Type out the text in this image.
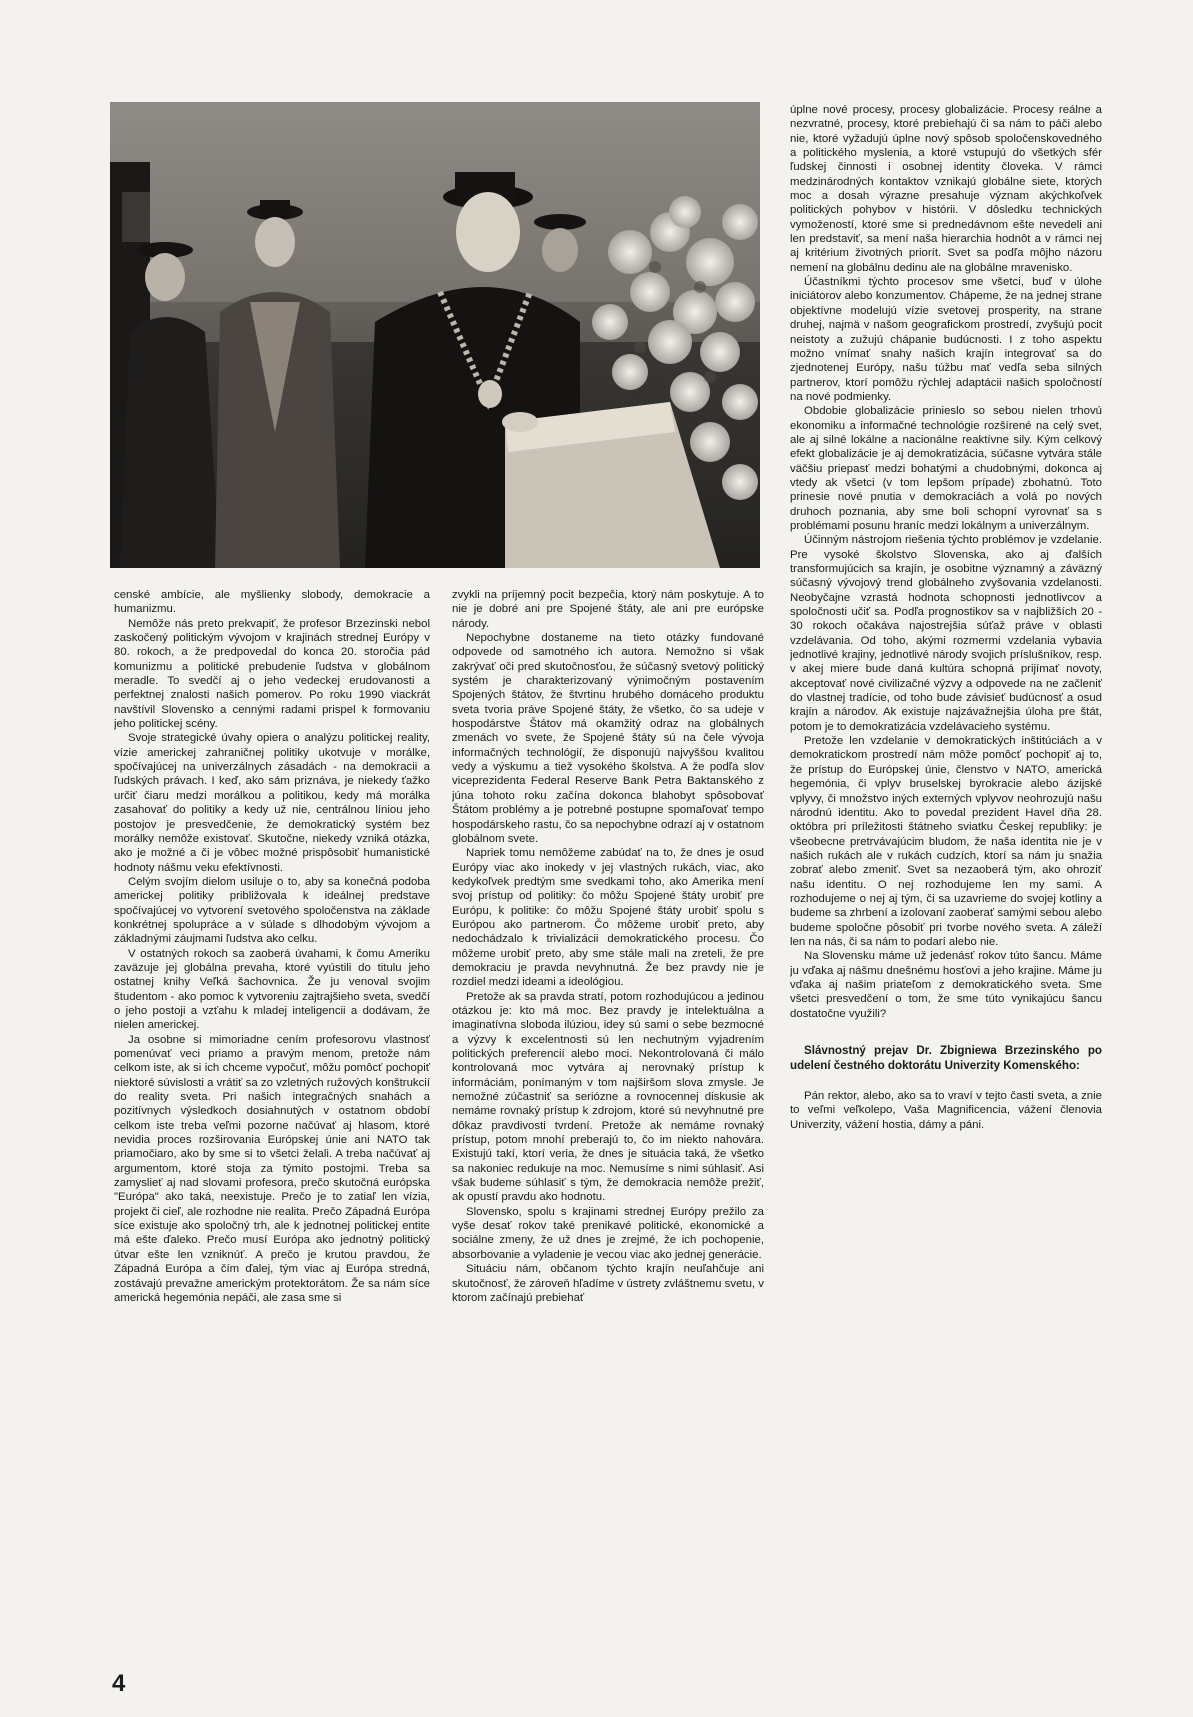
censké ambície, ale myšlienky slobody, demokracie a humanizmu.

Nemôže nás preto prekvapiť, že profesor Brzezinski nebol zaskočený politickým vývojom v krajinách strednej Európy v 80. rokoch, a že predpovedal do konca 20. storočia pád komunizmu a politické prebudenie ľudstva v globálnom meradle. To svedčí aj o jeho vedeckej erudovanosti a perfektnej znalosti našich pomerov. Po roku 1990 viackrát navštívil Slovensko a cennými radami prispel k formovaniu jeho politickej scény.

Svoje strategické úvahy opiera o analýzu politickej reality, vízie americkej zahraničnej politiky ukotvuje v morálke, spočívajúcej na univerzálnych zásadách - na demokracii a ľudských právach. I keď, ako sám priznáva, je niekedy ťažko určiť čiaru medzi morálkou a politikou, kedy má morálka zasahovať do politiky a kedy už nie, centrálnou líniou jeho postojov je presvedčenie, že demokratický systém bez morálky nemôže existovať. Skutočne, niekedy vzniká otázka, ako je možné a či je vôbec možné prispôsobiť humanistické hodnoty nášmu veku efektívnosti.

Celým svojím dielom usiluje o to, aby sa konečná podoba americkej politiky približovala k ideálnej predstave spočívajúcej vo vytvorení svetového spoločenstva na základe konkrétnej spolupráce a v súlade s dlhodobým vývojom a základnými záujmami ľudstva ako celku.

V ostatných rokoch sa zaoberá úvahami, k čomu Ameriku zaväzuje jej globálna prevaha, ktoré vyústili do titulu jeho ostatnej knihy Veľká šachovnica. Že ju venoval svojim študentom - ako pomoc k vytvoreniu zajtrajšieho sveta, svedčí o jeho postoji a vzťahu k mladej inteligencii a dodávam, že nielen americkej.

Ja osobne si mimoriadne cením profesorovu vlastnosť pomenúvať veci priamo a pravým menom, pretože nám celkom iste, ak si ich chceme vypočuť, môžu pomôcť pochopiť niektoré súvislosti a vrátiť sa zo vzletných ružových konštrukcií do reality sveta. Pri našich integračných snahách a pozitívnych výsledkoch dosiahnutých v ostatnom období celkom iste treba veľmi pozorne načúvať aj hlasom, ktoré nevidia proces rozširovania Európskej únie ani NATO tak priamočiaro, ako by sme si to všetci želali. A treba načúvať aj argumentom, ktoré stoja za týmito postojmi. Treba sa zamyslieť aj nad slovami profesora, prečo skutočná európska "Európa" ako taká, neexistuje. Prečo je to zatiaľ len vízia, projekt či cieľ, ale rozhodne nie realita. Prečo Západná Európa síce existuje ako spoločný trh, ale k jednotnej politickej entite má ešte ďaleko. Prečo musí Európa ako jednotný politický útvar ešte len vzniknúť. A prečo je krutou pravdou, že Západná Európa a čím ďalej, tým viac aj Európa stredná, zostávajú prevažne americkým protektorátom. Že sa nám síce americká hegemónia nepáči, ale zasa sme si

zvykli na príjemný pocit bezpečia, ktorý nám poskytuje. A to nie je dobré ani pre Spojené štáty, ale ani pre európske národy.

Nepochybne dostaneme na tieto otázky fundované odpovede od samotného ich autora. Nemožno si však zakrývať oči pred skutočnosťou, že súčasný svetový politický systém je charakterizovaný výnimočným postavením Spojených štátov, že štvrtinu hrubého domáceho produktu sveta tvoria práve Spojené štáty, že všetko, čo sa udeje v hospodárstve Štátov má okamžitý odraz na globálnych zmenách vo svete, že Spojené štáty sú na čele vývoja informačných technológií, že disponujú najvyššou kvalitou vedy a výskumu a tiež vysokého školstva. A že podľa slov viceprezidenta Federal Reserve Bank Petra Baktanského z júna tohoto roku začína dokonca blahobyt spôsobovať Štátom problémy a je potrebné postupne spomaľovať tempo hospodárskeho rastu, čo sa nepochybne odrazí aj v ostatnom globálnom svete.

Napriek tomu nemôžeme zabúdať na to, že dnes je osud Európy viac ako inokedy v jej vlastných rukách, viac, ako kedykoľvek predtým sme svedkami toho, ako Amerika mení svoj prístup od politiky: čo môžu Spojené štáty urobiť pre Európu, k politike: čo môžu Spojené štáty urobiť spolu s Európou ako partnerom. Čo môžeme urobiť preto, aby nedochádzalo k trivializácii demokratického procesu. Čo môžeme urobiť preto, aby sme stále mali na zreteli, že pre demokraciu je pravda nevyhnutná. Že bez pravdy nie je rozdiel medzi ideami a ideológiou.

Pretože ak sa pravda stratí, potom rozhodujúcou a jedinou otázkou je: kto má moc. Bez pravdy je intelektuálna a imaginatívna sloboda ilúziou, idey sú sami o sebe bezmocné a výzvy k excelentnosti sú len nechutným vyjadrením politických preferencií alebo moci. Nekontrolovaná či málo kontrolovaná moc vytvára aj nerovnaký prístup k informáciám, ponímaným v tom najširšom slova zmysle. Je nemožné zúčastniť sa seriózne a rovnocennej diskusie ak nemáme rovnaký prístup k zdrojom, ktoré sú nevyhnutné pre dôkaz pravdivosti tvrdení. Pretože ak nemáme rovnaký prístup, potom mnohí preberajú to, čo im niekto nahovára. Existujú takí, ktorí veria, že dnes je situácia taká, že všetko sa nakoniec redukuje na moc. Nemusíme s nimi súhlasiť. Asi však budeme súhlasiť s tým, že demokracia nemôže prežiť, ak opustí pravdu ako hodnotu.

Slovensko, spolu s krajinami strednej Európy prežilo za vyše desať rokov také prenikavé politické, ekonomické a sociálne zmeny, že už dnes je zrejmé, že ich pochopenie, absorbovanie a vyladenie je vecou viac ako jednej generácie.

Situáciu nám, občanom týchto krajín neuľahčuje ani skutočnosť, že zároveň hľadíme v ústrety zvláštnemu svetu, v ktorom začínajú prebiehať

úplne nové procesy, procesy globalizácie. Procesy reálne a nezvratné, procesy, ktoré prebiehajú či sa nám to páči alebo nie, ktoré vyžadujú úplne nový spôsob spoločenskovedného a politického myslenia, a ktoré vstupujú do všetkých sfér ľudskej činnosti i osobnej identity človeka. V rámci medzinárodných kontaktov vznikajú globálne siete, ktorých moc a dosah výrazne presahuje význam akýchkoľvek politických pohybov v histórii. V dôsledku technických vymožeností, ktoré sme si prednedávnom ešte nevedeli ani len predstaviť, sa mení naša hierarchia hodnôt a v rámci nej aj kritérium životných priorít. Svet sa podľa môjho názoru nemení na globálnu dedinu ale na globálne mravenisko.

Účastníkmi týchto procesov sme všetci, buď v úlohe iniciátorov alebo konzumentov. Chápeme, že na jednej strane objektívne modelujú vízie svetovej prosperity, na strane druhej, najmä v našom geografickom prostredí, zvyšujú pocit neistoty a zužujú chápanie budúcnosti. I z toho aspektu možno vnímať snahy našich krajín integrovať sa do zjednotenej Európy, našu túžbu mať vedľa seba silných partnerov, ktorí pomôžu rýchlej adaptácii našich spoločností na nové podmienky.

Obdobie globalizácie prinieslo so sebou nielen trhovú ekonomiku a informačné technológie rozšírené na celý svet, ale aj silné lokálne a nacionálne reaktívne sily. Kým celkový efekt globalizácie je aj demokratizácia, súčasne vytvára stále väčšiu priepasť medzi bohatými a chudobnými, dokonca aj vtedy ak všetci (v tom lepšom prípade) zbohatnú. Toto prinesie nové pnutia v demokraciách a volá po nových druhoch poznania, aby sme boli schopní vyrovnať sa s problémami posunu hraníc medzi lokálnym a univerzálnym.

Účinným nástrojom riešenia týchto problémov je vzdelanie. Pre vysoké školstvo Slovenska, ako aj ďalších transformujúcich sa krajín, je osobitne významný a záväzný súčasný vývojový trend globálneho zvyšovania vzdelanosti. Neobyčajne vzrastá hodnota schopnosti jednotlivcov a spoločnosti učiť sa. Podľa prognostikov sa v najbližších 20 - 30 rokoch očakáva najostrejšia súťaž práve v oblasti vzdelávania. Od toho, akými rozmermi vzdelania vybavia jednotlivé krajiny, jednotlivé národy svojich príslušníkov, resp. v akej miere bude daná kultúra schopná prijímať novoty, akceptovať nové civilizačné výzvy a odpovede na ne začleniť do vlastnej tradície, od toho bude závisieť budúcnosť a osud krajín a národov. Ak existuje najzávažnejšia úloha pre štát, potom je to demokratizácia vzdelávacieho systému.

Pretože len vzdelanie v demokratických inštitúciách a v demokratickom prostredí nám môže pomôcť pochopiť aj to, že prístup do Európskej únie, členstvo v NATO, americká hegemónia, či vplyv bruselskej byrokracie alebo ázijské vplyvy, či množstvo iných externých vplyvov neohrozujú našu národnú identitu. Ako to povedal prezident Havel dňa 28. októbra pri príležitosti štátneho sviatku Českej republiky: je všeobecne pretrvávajúcim bludom, že naša identita nie je v našich rukách ale v rukách cudzích, ktorí sa nám ju snažia zobrať alebo zmeniť. Svet sa nezaoberá tým, ako ohroziť našu identitu. O nej rozhodujeme len my sami. A rozhodujeme o nej aj tým, či sa uzavrieme do svojej kotliny a budeme sa zhrbení a izolovaní zaoberať samými sebou alebo budeme spoločne pôsobiť pri tvorbe nového sveta. A záleží len na nás, či sa nám to podarí alebo nie.

Na Slovensku máme už jedenásť rokov túto šancu. Máme ju vďaka aj nášmu dnešnému hosťovi a jeho krajine. Máme ju vďaka aj našim priateľom z demokratického sveta. Sme všetci presvedčení o tom, že sme túto vynikajúcu šancu dostatočne využili?

Slávnostný prejav Dr. Zbigniewa Brzezinského po udelení čestného doktorátu Univerzity Komenského:

Pán rektor, alebo, ako sa to vraví v tejto časti sveta, a znie to veľmi veľkolepo, Vaša Magnificencia, vážení členovia Univerzity, vážení hostia, dámy a páni.

4
